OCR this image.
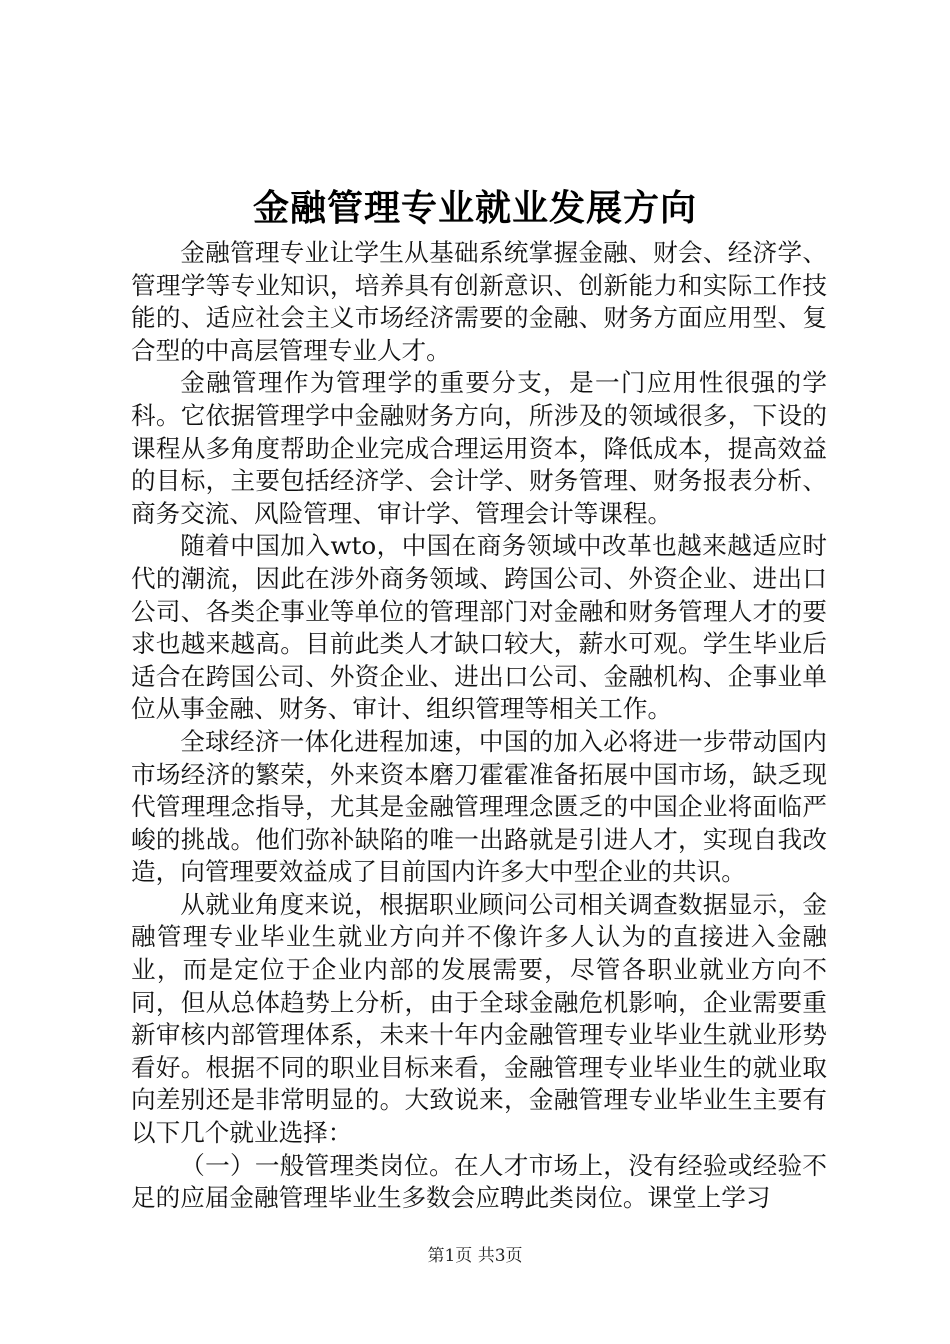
金融管理专业就业发展方向

金融管理专业让学生从基础系统掌握金融、财会、经济学、管理学等专业知识，培养具有创新意识、创新能力和实际工作技能的、适应社会主义市场经济需要的金融、财务方面应用型、复合型的中高层管理专业人才。

金融管理作为管理学的重要分支，是一门应用性很强的学科。它依据管理学中金融财务方向，所涉及的领域很多，下设的课程从多角度帮助企业完成合理运用资本，降低成本，提高效益的目标，主要包括经济学、会计学、财务管理、财务报表分析、商务交流、风险管理、审计学、管理会计等课程。

随着中国加入wto，中国在商务领域中改革也越来越适应时代的潮流，因此在涉外商务领域、跨国公司、外资企业、进出口公司、各类企事业等单位的管理部门对金融和财务管理人才的要求也越来越高。目前此类人才缺口较大，薪水可观。学生毕业后适合在跨国公司、外资企业、进出口公司、金融机构、企事业单位从事金融、财务、审计、组织管理等相关工作。

全球经济一体化进程加速，中国的加入必将进一步带动国内市场经济的繁荣，外来资本磨刀霍霍准备拓展中国市场，缺乏现代管理理念指导，尤其是金融管理理念匮乏的中国企业将面临严峻的挑战。他们弥补缺陷的唯一出路就是引进人才，实现自我改造，向管理要效益成了目前国内许多大中型企业的共识。

从就业角度来说，根据职业顾问公司相关调查数据显示，金融管理专业毕业生就业方向并不像许多人认为的直接进入金融业，而是定位于企业内部的发展需要，尽管各职业就业方向不同，但从总体趋势上分析，由于全球金融危机影响，企业需要重新审核内部管理体系，未来十年内金融管理专业毕业生就业形势看好。根据不同的职业目标来看，金融管理专业毕业生的就业取向差别还是非常明显的。大致说来，金融管理专业毕业生主要有以下几个就业选择：

（一）一般管理类岗位。在人才市场上，没有经验或经验不足的应届金融管理毕业生多数会应聘此类岗位。课堂上学习

第1页 共3页
